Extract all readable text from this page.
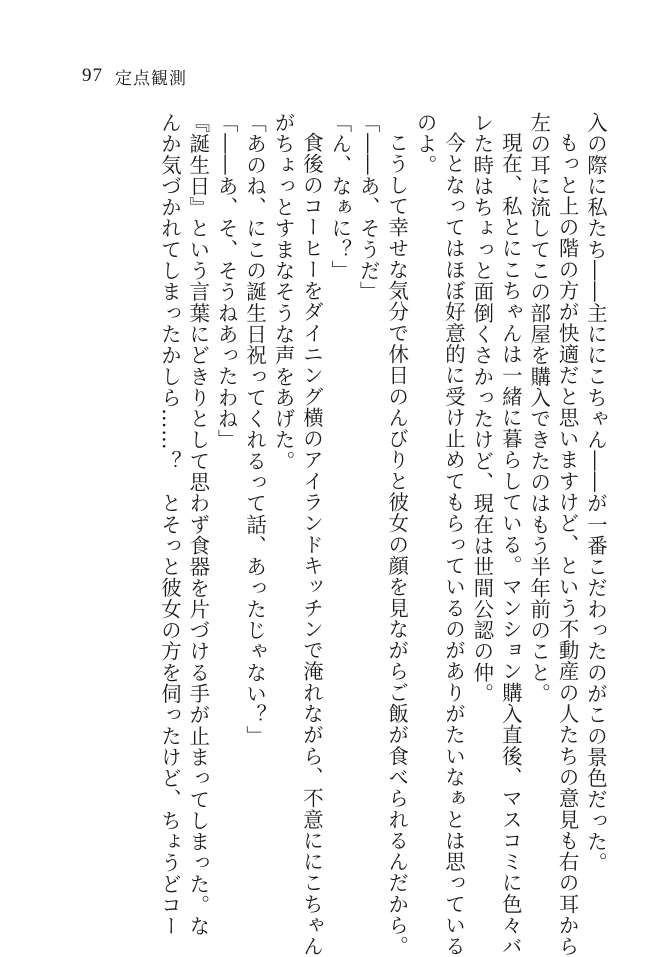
97 定点観測
入の際に私たち――主ににこちゃん――が一番こだわったのがこの景色だった。
もっと上の階の方が快適だと思いますけど、という不動産の人たちの意見も右の耳から
左の耳に流してこの部屋を購入できたのはもう半年前のこと。
現在、私とにこちゃんは一緒に暮らしている。マンション購入直後、マスコミに色々バ
レた時はちょっと面倒くさかったけど、現在は世間公認の仲。
今となってはほぼ好意的に受け止めてもらっているのがありがたいなぁとは思っている
のよ。
こうして幸せな気分で休日のんびりと彼女の顔を見ながらご飯が食べられるんだから。
「――あ、そうだ」
「ん、なぁに？」
食後のコーヒーをダイニング横のアイランドキッチンで淹れながら、不意ににこちゃん
がちょっとすまなそうな声をあげた。
「あのね、にこの誕生日祝ってくれるって話、あったじゃない？」
「――あ、そ、そうねあったわね」
『誕生日』という言葉にどきりとして思わず食器を片づける手が止まってしまった。な
んか気づかれてしまったかしら……？　とそっと彼女の方を伺ったけど、ちょうどコー
